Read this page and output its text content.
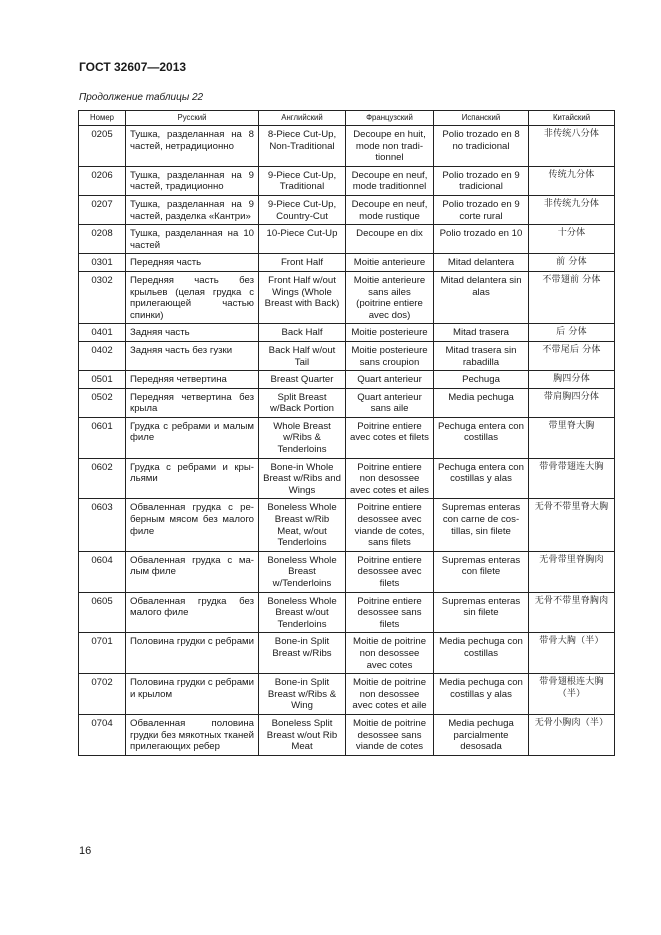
ГОСТ 32607—2013
Продолжение таблицы 22
Номер	Русский	Английский	Французский	Испанский	Китайский
0205	Тушка, разделанная на 8 частей, нетрадиционно	8-Piece Cut-Up, Non-Traditional	Decoupe en huit, mode non traditionnel	Polio trozado en 8 no tradicional	非传统八分体
0206	Тушка, разделанная на 9 частей, традиционно	9-Piece Cut-Up, Traditional	Decoupe en neuf, mode traditionnel	Polio trozado en 9 tradicional	传统九分体
0207	Тушка, разделанная на 9 частей, разделка «Кантри»	9-Piece Cut-Up, Country-Cut	Decoupe en neuf, mode rustique	Polio trozado en 9 corte rural	非传统九分体
0208	Тушка, разделанная на 10 частей	10-Piece Cut-Up	Decoupe en dix	Polio trozado en 10	十分体
0301	Передняя часть	Front Half	Moitie anterieure	Mitad delantera	前 分体
0302	Передняя часть без крыльев (целая грудка с прилегающей частью спинки)	Front Half w/out Wings (Whole Breast with Back)	Moitie anterieure sans ailes (poitrine entiere avec dos)	Mitad delantera sin alas	不带翅前 分体
0401	Задняя часть	Back Half	Moitie posterieure	Mitad trasera	后 分体
0402	Задняя часть без гузки	Back Half w/out Tail	Moitie posterieure sans croupion	Mitad trasera sin rabadilla	不带尾后 分体
0501	Передняя четвертина	Breast Quarter	Quart anterieur	Pechuga	胸四分体
0502	Передняя четвертина без крыла	Split Breast w/Back Portion	Quart anterieur sans aile	Media pechuga	带肩胸四分体
0601	Грудка с ребрами и малым филе	Whole Breast w/Ribs & Tenderloins	Poitrine entiere avec cotes et filets	Pechuga entera con costillas	带里脊大胸
0602	Грудка с ребрами и крыльями	Bone-in Whole Breast w/Ribs and Wings	Poitrine entiere non desossee avec cotes et ailes	Pechuga entera con costillas y alas	带骨带翅连大胸
0603	Обваленная грудка с реберным мясом без малого филе	Boneless Whole Breast w/Rib Meat, w/out Tenderloins	Poitrine entiere desossee avec viande de cotes, sans filets	Supremas enteras con carne de costillas, sin filete	无骨不带里脊大胸
0604	Обваленная грудка с малым филе	Boneless Whole Breast w/Tenderloins	Poitrine entiere desossee avec filets	Supremas enteras con filete	无骨带里脊胸肉
0605	Обваленная грудка без малого филе	Boneless Whole Breast w/out Tenderloins	Poitrine entiere desossee sans filets	Supremas enteras sin filete	无骨不带里脊胸肉
0701	Половина грудки с ребрами	Bone-in Split Breast w/Ribs	Moitie de poitrine non desossee avec cotes	Media pechuga con costillas	带骨大胸（半）
0702	Половина грудки с ребрами и крылом	Bone-in Split Breast w/Ribs & Wing	Moitie de poitrine non desossee avec cotes et aile	Media pechuga con costillas y alas	带骨翅根连大胸（半）
0704	Обваленная половина грудки без мякотных тканей прилегающих ребер	Boneless Split Breast w/out Rib Meat	Moitie de poitrine desossee sans viande de cotes	Media pechuga parcialmente desosada	无骨小胸肉（半）
16
